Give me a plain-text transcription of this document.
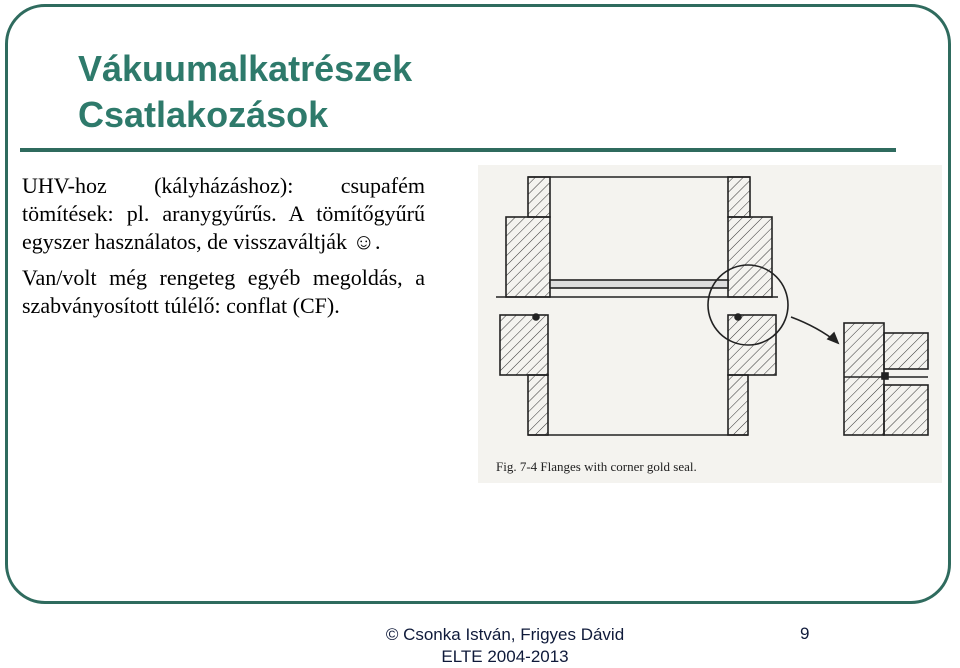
Vákuumalkatrészek
Csatlakozások

UHV-hoz (kályházáshoz): csupafém tömítések: pl. aranygyűrűs. A tömítőgyűrű egyszer használatos, de visszaváltják ☺.

Van/volt még rengeteg egyéb megoldás, a szabványosított túlélő: conflat (CF).

Fig. 7-4 Flanges with corner gold seal.
© Csonka István, Frigyes Dávid
ELTE 2004-2013
9
